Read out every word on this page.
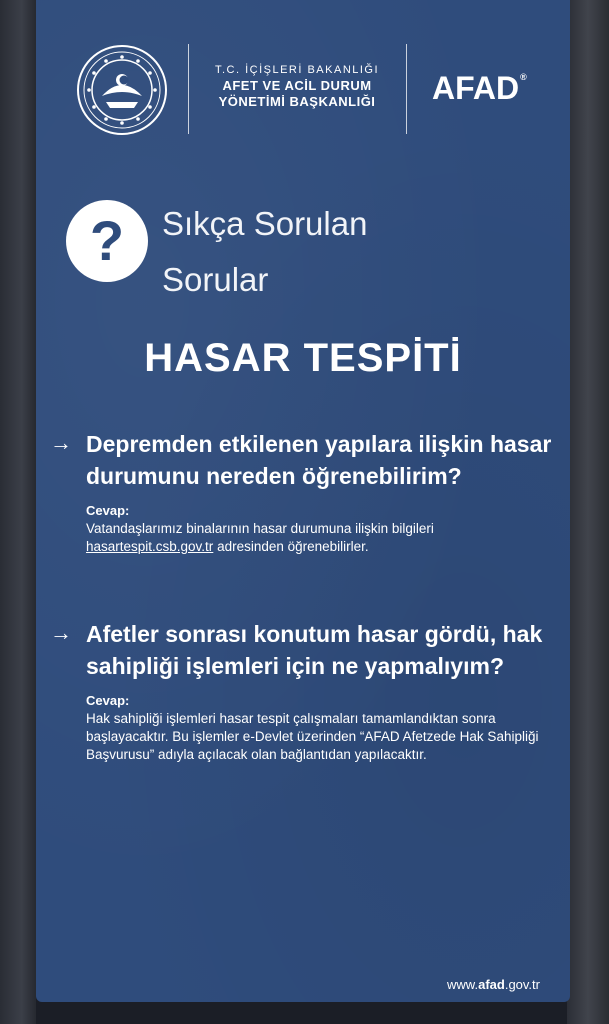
T.C. İÇİŞLERİ BAKANLIĞI
AFET VE ACİL DURUM
YÖNETİMİ BAŞKANLIĞI	AFAD®
?	Sıkça Sorulan
Sorular
HASAR TESPİTİ
→ Depremden etkilenen yapılara ilişkin hasar durumunu nereden öğrenebilirim?

Cevap:

Vatandaşlarımız binalarının hasar durumuna ilişkin bilgileri hasartespit.csb.gov.tr adresinden öğrenebilirler.

→ Afetler sonrası konutum hasar gördü, hak sahipliği işlemleri için ne yapmalıyım?

Cevap:

Hak sahipliği işlemleri hasar tespit çalışmaları tamamlandıktan sonra başlayacaktır. Bu işlemler e-Devlet üzerinden “AFAD Afetzede Hak Sahipliği Başvurusu” adıyla açılacak olan bağlantıdan yapılacaktır.

www.afad.gov.tr
